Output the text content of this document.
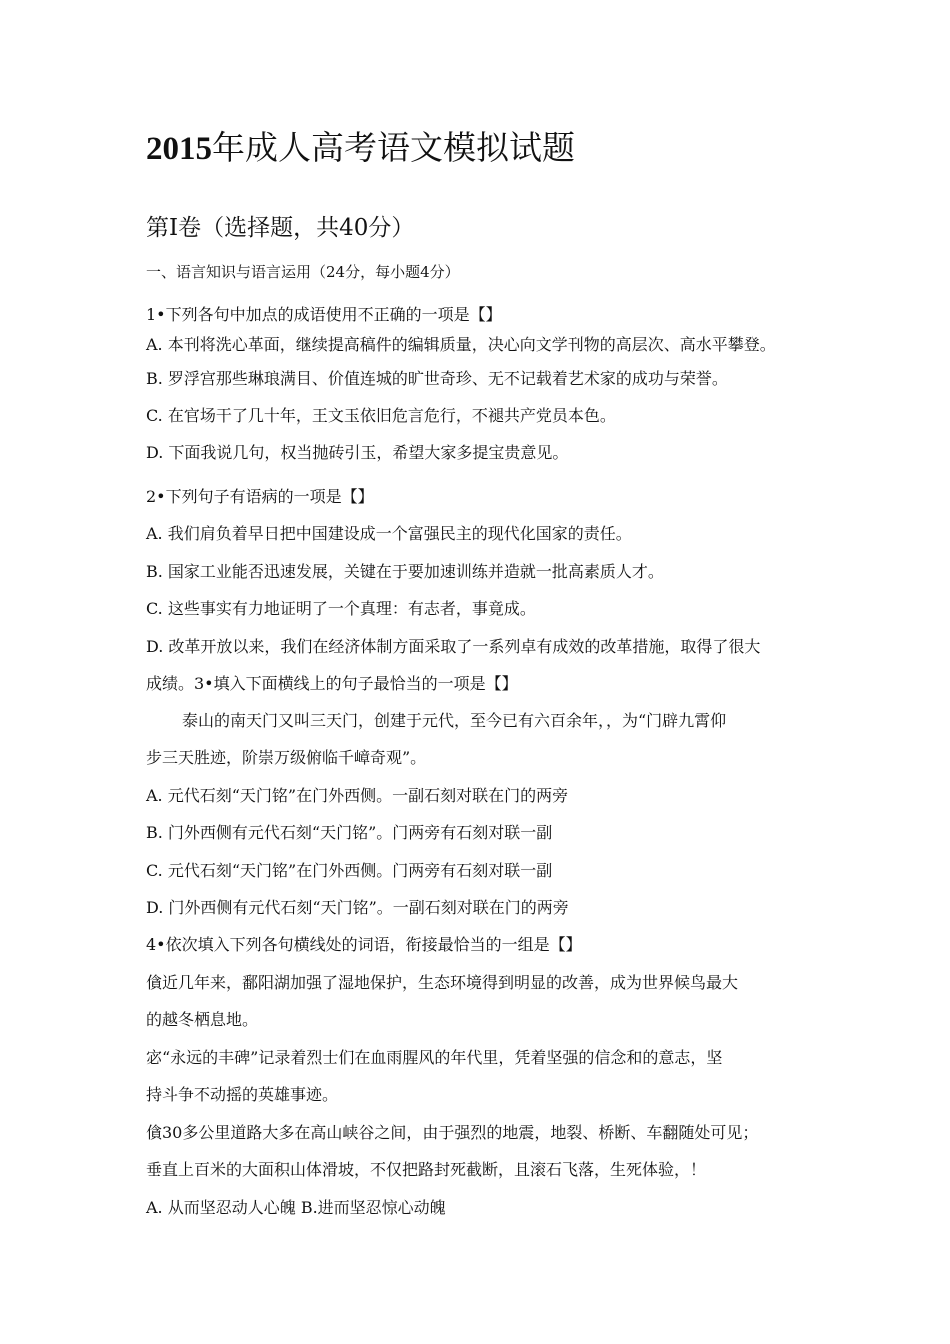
2015年成人高考语文模拟试题
第Ⅰ卷（选择题，共40分）
一、语言知识与语言运用（24分，每小题4分）
1•下列各句中加点的成语使用不正确的一项是【】
A. 本刊将洗心革面，继续提高稿件的编辑质量，决心向文学刊物的高层次、高水平攀登。
B. 罗浮宫那些琳琅满目、价值连城的旷世奇珍、无不记载着艺术家的成功与荣誉。
C. 在官场干了几十年，王文玉依旧危言危行，不褪共产党员本色。
D. 下面我说几句，权当抛砖引玉，希望大家多提宝贵意见。
2•下列句子有语病的一项是【】
A. 我们肩负着早日把中国建设成一个富强民主的现代化国家的责任。
B. 国家工业能否迅速发展，关键在于要加速训练并造就一批高素质人才。
C. 这些事实有力地证明了一个真理：有志者，事竟成。
D. 改革开放以来，我们在经济体制方面采取了一系列卓有成效的改革措施，取得了很大
成绩。3•填入下面横线上的句子最恰当的一项是【】
泰山的南天门又叫三天门，创建于元代，至今已有六百余年，，为“门辟九霄仰
步三天胜迹，阶崇万级俯临千嶂奇观”。
A. 元代石刻“天门铭”在门外西侧。一副石刻对联在门的两旁
B. 门外西侧有元代石刻“天门铭”。门两旁有石刻对联一副
C. 元代石刻“天门铭”在门外西侧。门两旁有石刻对联一副
D. 门外西侧有元代石刻“天门铭”。一副石刻对联在门的两旁
4•依次填入下列各句横线处的词语，衔接最恰当的一组是【】
僋近几年来，鄱阳湖加强了湿地保护，生态环境得到明显的改善，成为世界候鸟最大
的越冬栖息地。
宓“永远的丰碑”记录着烈士们在血雨腥风的年代里，凭着坚强的信念和的意志，坚
持斗争不动摇的英雄事迹。
僋30多公里道路大多在高山峡谷之间，由于强烈的地震，地裂、桥断、车翻随处可见；
垂直上百米的大面积山体滑坡，不仅把路封死截断，且滚石飞落，生死体验，！
A. 从而坚忍动人心魄 B.进而坚忍惊心动魄
